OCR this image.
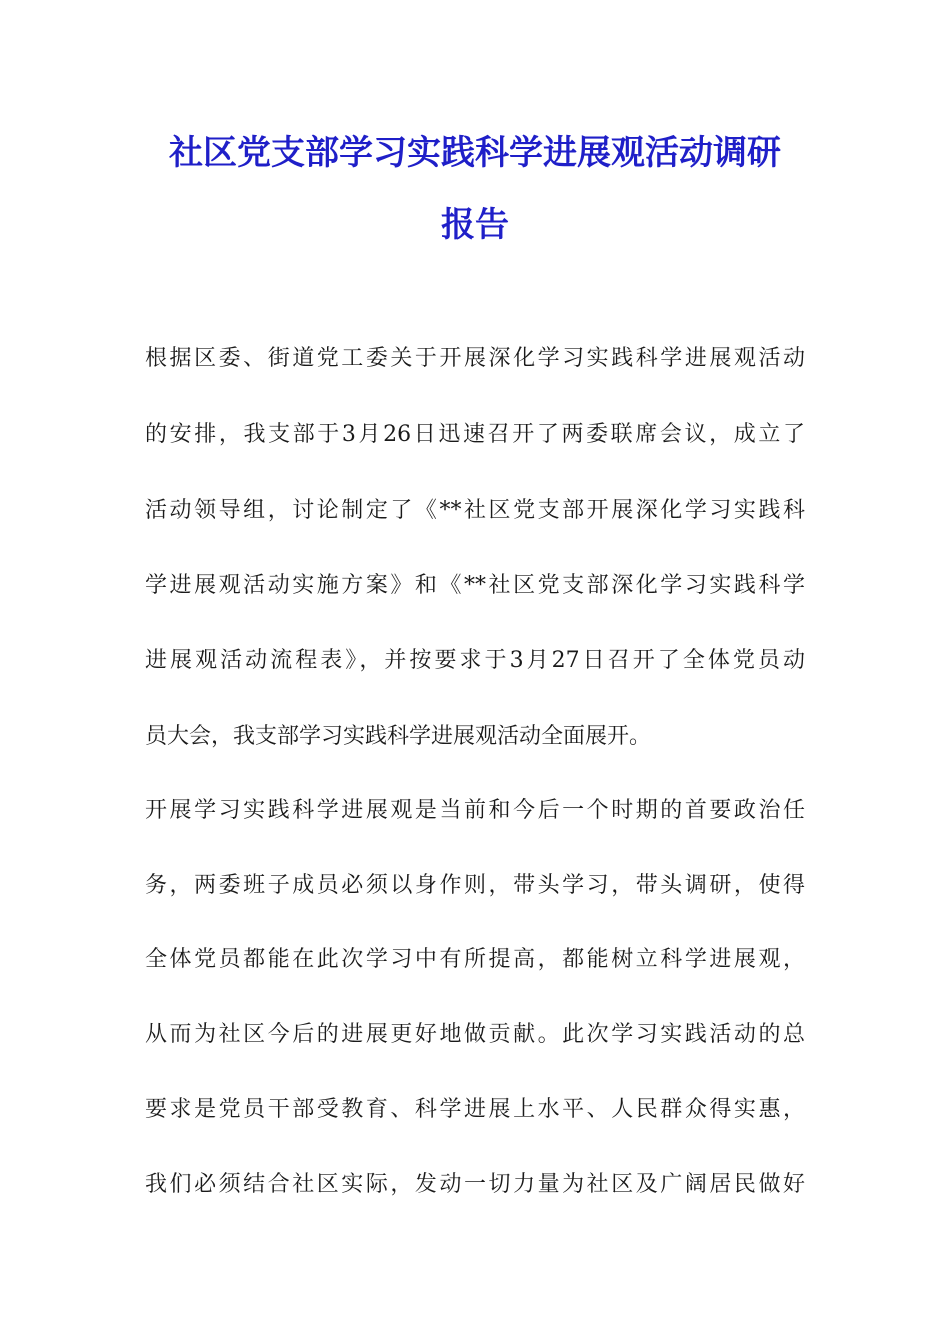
社区党支部学习实践科学进展观活动调研
报告
根据区委、街道党工委关于开展深化学习实践科学进展观活动
的安排，我支部于3月26日迅速召开了两委联席会议，成立了
活动领导组，讨论制定了《**社区党支部开展深化学习实践科
学进展观活动实施方案》和《**社区党支部深化学习实践科学
进展观活动流程表》，并按要求于3月27日召开了全体党员动
员大会，我支部学习实践科学进展观活动全面展开。
开展学习实践科学进展观是当前和今后一个时期的首要政治任
务，两委班子成员必须以身作则，带头学习，带头调研，使得
全体党员都能在此次学习中有所提高，都能树立科学进展观，
从而为社区今后的进展更好地做贡献。此次学习实践活动的总
要求是党员干部受教育、科学进展上水平、人民群众得实惠，
我们必须结合社区实际，发动一切力量为社区及广阔居民做好
